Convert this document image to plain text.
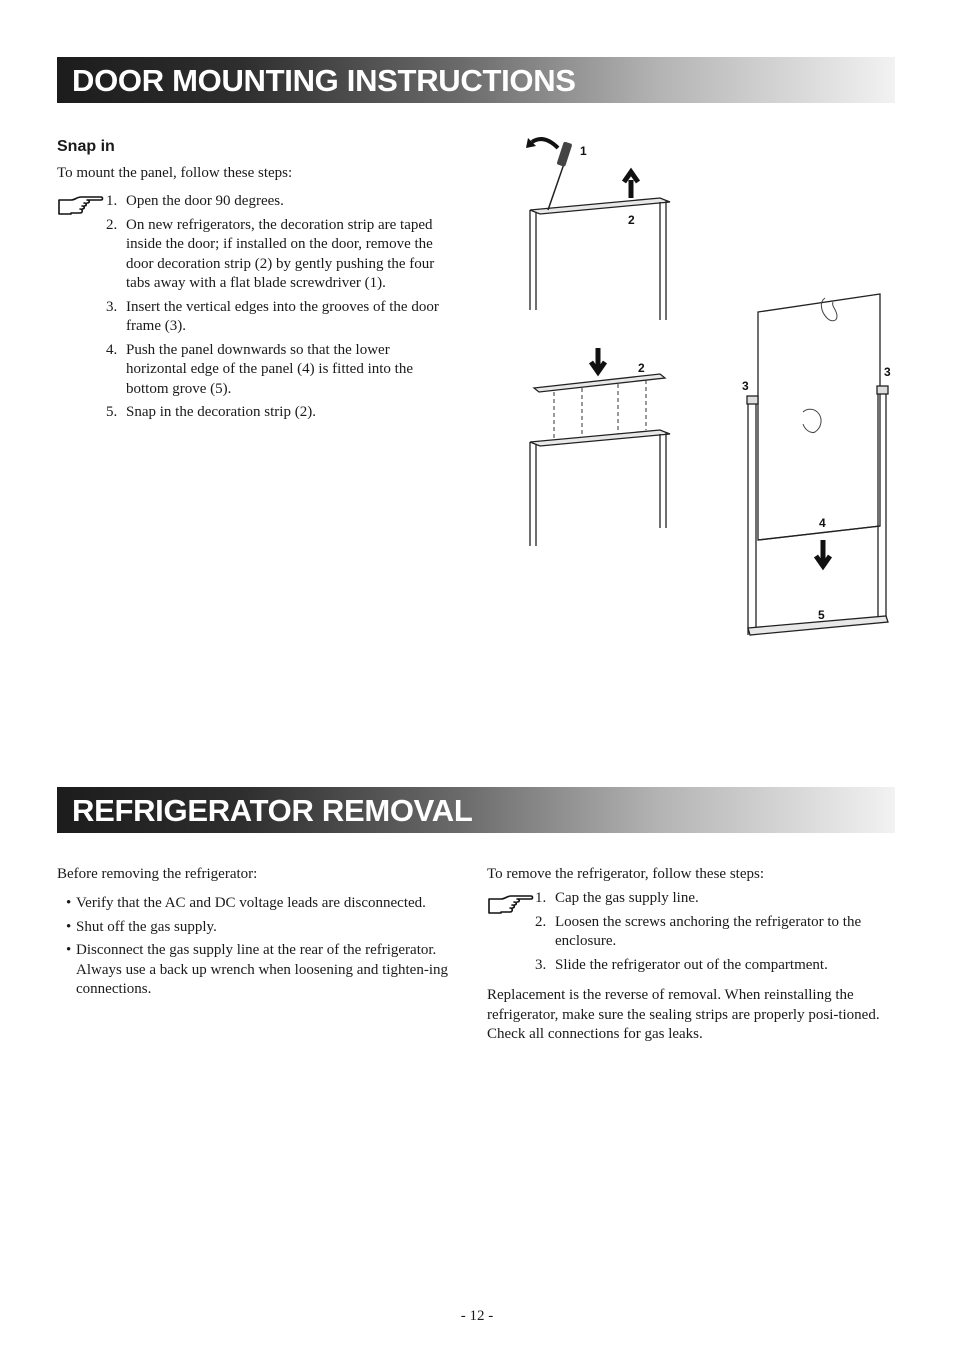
DOOR MOUNTING INSTRUCTIONS
Snap in
To mount the panel, follow these steps:
1. Open the door 90 degrees.
2. On new refrigerators, the decoration strip are taped inside the door; if installed on the door, remove the door decoration strip (2) by gently pushing the four tabs away with a flat blade screwdriver (1).
3. Insert the vertical edges into the grooves of the door frame (3).
4. Push the panel downwards so that the lower horizontal edge of the panel (4) is fitted into the bottom grove (5).
5. Snap in the decoration strip (2).
1
2
2
3
3
4
5
REFRIGERATOR REMOVAL
Before removing the refrigerator:
• Verify that the AC and DC voltage leads are disconnected.
• Shut off the gas supply.
• Disconnect the gas supply line at the rear of the refrigerator. Always use a back up wrench when loosening and tighten-ing connections.
To remove the refrigerator, follow these steps:
1. Cap the gas supply line.
2. Loosen the screws anchoring the refrigerator to the enclosure.
3. Slide the refrigerator out of the compartment.
Replacement is the reverse of removal. When reinstalling the refrigerator, make sure the sealing strips are properly posi-tioned. Check all connections for gas leaks.
- 12 -
